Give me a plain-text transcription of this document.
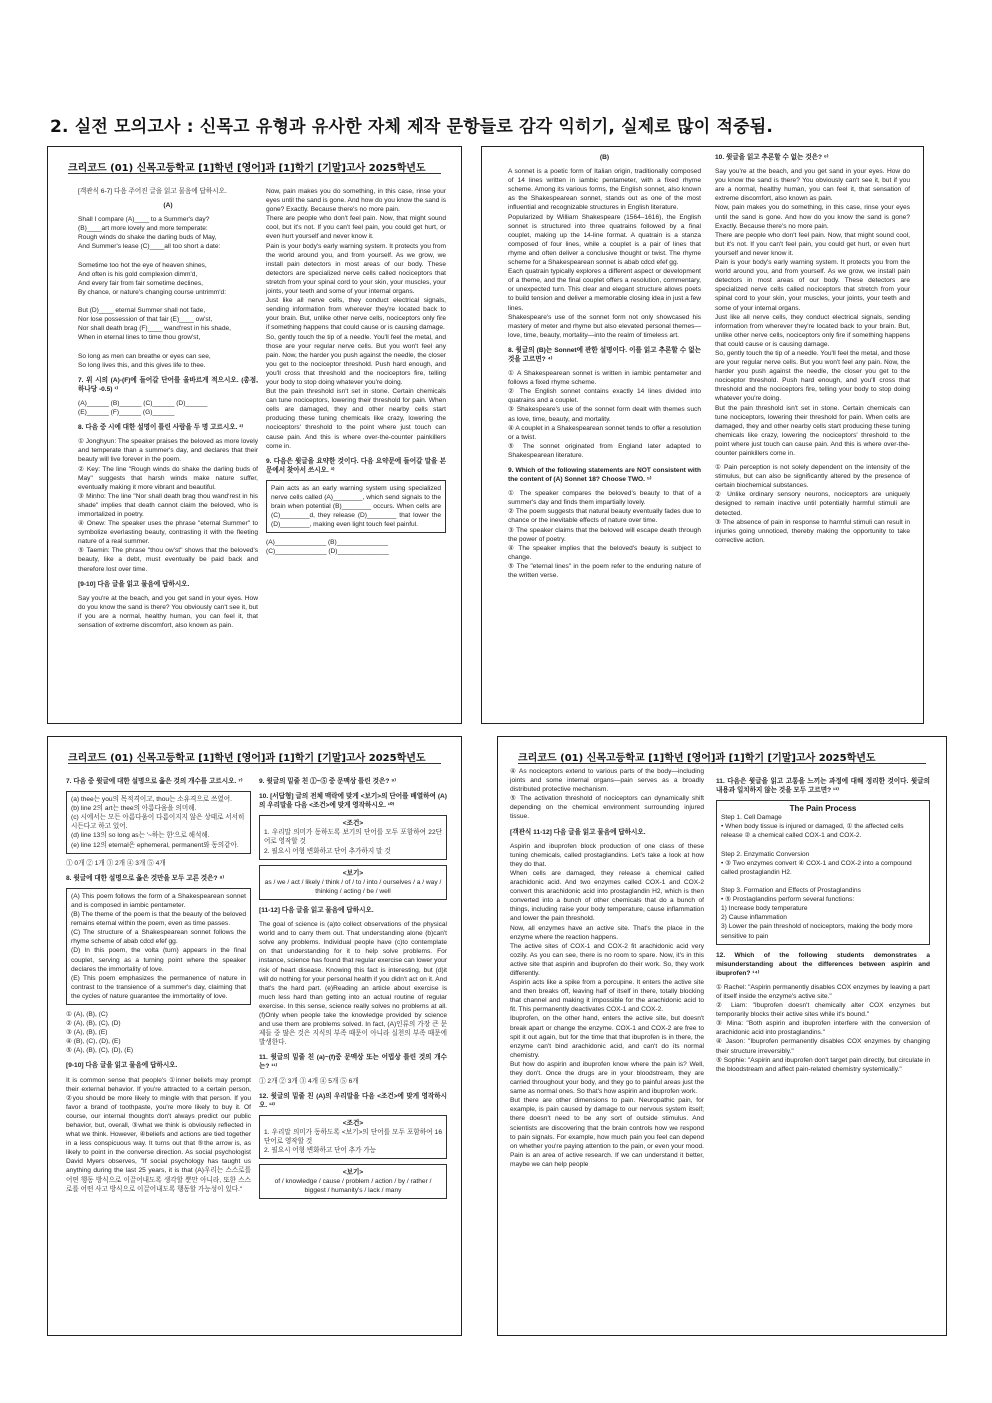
2. 실전 모의고사 : 신목고 유형과 유사한 자체 제작 문항들로 감각 익히기, 실제로 많이 적중됨.
크리코드 (01) 신목고등학교 [1]학년 [영어]과 [1]학기 [기말]고사 2025학년도

[객관식 6-7] 다음 주어진 글을 읽고 물음에 답하시오.

(A)

Shall I compare (A)____ to a Summer's day?
(B)____art more lovely and more temperate:
Rough winds do shake the darling buds of May,
And Summer's lease (C)____all too short a date:

Sometime too hot the eye of heaven shines,
And often is his gold complexion dimm'd,
And every fair from fair sometime declines,
By chance, or nature's changing course untrimm'd:

But (D)____ eternal Summer shall not fade,
Nor lose possession of that fair (E)____ ow'st,
Nor shall death brag (F)____ wand'rest in his shade,
When in eternal lines to time thou grow'st,

So long as men can breathe or eyes can see,
So long lives this, and this gives life to thee.

7. 위 시의 (A)-(F)에 들어갈 단어를 올바르게 적으시오. (총점, 하나당 -0.5) ¹⁾

(A)______ (B)______ (C)______ (D)______
(E)______ (F)______ (G)______

8. 다음 중 시에 대한 설명이 틀린 사람을 두 명 고르시오. ²⁾

① Jonghyun: The speaker praises the beloved as more lovely and temperate than a summer's day, and declares that their beauty will live forever in the poem.
② Key: The line "Rough winds do shake the darling buds of May" suggests that harsh winds make nature suffer, eventually making it more vibrant and beautiful.
③ Minho: The line "Nor shall death brag thou wand'rest in his shade" implies that death cannot claim the beloved, who is immortalized in poetry.
④ Onew: The speaker uses the phrase "eternal Summer" to symbolize everlasting beauty, contrasting it with the fleeting nature of a real summer.
⑤ Taemin: The phrase "thou ow'st" shows that the beloved's beauty, like a debt, must eventually be paid back and therefore lost over time.

[9-10] 다음 글을 읽고 물음에 답하시오.

Say you're at the beach, and you get sand in your eyes. How do you know the sand is there? You obviously can't see it, but if you are a normal, healthy human, you can feel it, that sensation of extreme discomfort, also known as pain.

Now, pain makes you do something, in this case, rinse your eyes until the sand is gone. And how do you know the sand is gone? Exactly. Because there's no more pain.
There are people who don't feel pain. Now, that might sound cool, but it's not. If you can't feel pain, you could get hurt, or even hurt yourself and never know it.
Pain is your body's early warning system. It protects you from the world around you, and from yourself. As we grow, we install pain detectors in most areas of our body. These detectors are specialized nerve cells called nociceptors that stretch from your spinal cord to your skin, your muscles, your joints, your teeth and some of your internal organs.
Just like all nerve cells, they conduct electrical signals, sending information from wherever they're located back to your brain. But, unlike other nerve cells, nociceptors only fire if something happens that could cause or is causing damage.
So, gently touch the tip of a needle. You'll feel the metal, and those are your regular nerve cells. But you won't feel any pain. Now, the harder you push against the needle, the closer you get to the nociceptor threshold. Push hard enough, and you'll cross that threshold and the nociceptors fire, telling your body to stop doing whatever you're doing.
But the pain threshold isn't set in stone. Certain chemicals can tune nociceptors, lowering their threshold for pain. When cells are damaged, they and other nearby cells start producing these tuning chemicals like crazy, lowering the nociceptors' threshold to the point where just touch can cause pain. And this is where over-the-counter painkillers come in.

9. 다음은 윗글을 요약한 것이다. 다음 요약문에 들어갈 말을 본문에서 찾아서 쓰시오. ³⁾

Pain acts as an early warning system using specialized nerve cells called (A)________, which send signals to the brain when potential (B)________ occurs. When cells are (C)________d, they release (D)________ that lower the (D)________, making even light touch feel painful.

(A)______________ (B)______________
(C)______________ (D)______________

(B)

A sonnet is a poetic form of Italian origin, traditionally composed of 14 lines written in iambic pentameter, with a fixed rhyme scheme. Among its various forms, the English sonnet, also known as the Shakespearean sonnet, stands out as one of the most influential and recognizable structures in English literature.
Popularized by William Shakespeare (1564–1616), the English sonnet is structured into three quatrains followed by a final couplet, making up the 14-line format. A quatrain is a stanza composed of four lines, while a couplet is a pair of lines that rhyme and often deliver a conclusive thought or twist. The rhyme scheme for a Shakespearean sonnet is abab cdcd efef gg.
Each quatrain typically explores a different aspect or development of a theme, and the final couplet offers a resolution, commentary, or unexpected turn. This clear and elegant structure allows poets to build tension and deliver a memorable closing idea in just a few lines.
Shakespeare's use of the sonnet form not only showcased his mastery of meter and rhyme but also elevated personal themes—love, time, beauty, mortality—into the realm of timeless art.

8. 윗글의 (B)는 Sonnet에 관한 설명이다. 이를 읽고 추론할 수 없는 것을 고르면? ⁴⁾

① A Shakespearean sonnet is written in iambic pentameter and follows a fixed rhyme scheme.
② The English sonnet contains exactly 14 lines divided into quatrains and a couplet.
③ Shakespeare's use of the sonnet form dealt with themes such as love, time, beauty, and mortality.
④ A couplet in a Shakespearean sonnet tends to offer a resolution or a twist.
⑤ The sonnet originated from England later adapted to Shakespearean literature.

9. Which of the following statements are NOT consistent with the content of (A) Sonnet 18? Choose TWO. ⁵⁾

① The speaker compares the beloved's beauty to that of a summer's day and finds them impartially lovely.
② The poem suggests that natural beauty eventually fades due to chance or the inevitable effects of nature over time.
③ The speaker claims that the beloved will escape death through the power of poetry.
④ The speaker implies that the beloved's beauty is subject to change.
⑤ The "eternal lines" in the poem refer to the enduring nature of the written verse.

10. 윗글을 읽고 추론할 수 없는 것은? ⁶⁾

Say you're at the beach, and you get sand in your eyes. How do you know the sand is there? You obviously can't see it, but if you are a normal, healthy human, you can feel it, that sensation of extreme discomfort, also known as pain.
Now, pain makes you do something, in this case, rinse your eyes until the sand is gone. And how do you know the sand is gone? Exactly. Because there's no more pain.
There are people who don't feel pain. Now, that might sound cool, but it's not. If you can't feel pain, you could get hurt, or even hurt yourself and never know it.
Pain is your body's early warning system. It protects you from the world around you, and from yourself. As we grow, we install pain detectors in most areas of our body. These detectors are specialized nerve cells called nociceptors that stretch from your spinal cord to your skin, your muscles, your joints, your teeth and some of your internal organs.
Just like all nerve cells, they conduct electrical signals, sending information from wherever they're located back to your brain. But, unlike other nerve cells, nociceptors only fire if something happens that could cause or is causing damage.
So, gently touch the tip of a needle. You'll feel the metal, and those are your regular nerve cells. But you won't feel any pain. Now, the harder you push against the needle, the closer you get to the nociceptor threshold. Push hard enough, and you'll cross that threshold and the nociceptors fire, telling your body to stop doing whatever you're doing.
But the pain threshold isn't set in stone. Certain chemicals can tune nociceptors, lowering their threshold for pain. When cells are damaged, they and other nearby cells start producing these tuning chemicals like crazy, lowering the nociceptors' threshold to the point where just touch can cause pain. And this is where over-the-counter painkillers come in.

① Pain perception is not solely dependent on the intensity of the stimulus, but can also be significantly altered by the presence of certain biochemical substances.
② Unlike ordinary sensory neurons, nociceptors are uniquely designed to remain inactive until potentially harmful stimuli are detected.
③ The absence of pain in response to harmful stimuli can result in injuries going unnoticed, thereby making the opportunity to take corrective action.

크리코드 (01) 신목고등학교 [1]학년 [영어]과 [1]학기 [기말]고사 2025학년도

7. 다음 중 윗글에 대한 설명으로 옳은 것의 개수를 고르시오. ⁷⁾

(a) thee는 you의 목적격이고, thou는 소유격으로 쓰였어.
(b) line 2의 art는 thee의 아름다움을 의미해.
(c) 시에서는 모든 아름다움이 다름이지지 않은 상태로 서서히 시든다고 하고 있어.
(d) line 13의 so long as는 '~하는 한'으로 해석해.
(e) line 12의 eternal은 ephemeral, permanent와 동의같아.

① 0개 ② 1개 ③ 2개 ④ 3개 ⑤ 4개

8. 윗글에 대한 설명으로 옳은 것만을 모두 고른 것은? ⁸⁾

(A) This poem follows the form of a Shakespearean sonnet and is composed in iambic pentameter.
(B) The theme of the poem is that the beauty of the beloved remains eternal within the poem, even as time passes.
(C) The structure of a Shakespearean sonnet follows the rhyme scheme of abab cdcd efef gg.
(D) In this poem, the volta (turn) appears in the final couplet, serving as a turning point where the speaker declares the immortality of love.
(E) This poem emphasizes the permanence of nature in contrast to the transience of a summer's day, claiming that the cycles of nature guarantee the immortality of love.

① (A), (B), (C)
② (A), (B), (C), (D)
③ (A), (B), (E)
④ (B), (C), (D), (E)
⑤ (A), (B), (C), (D), (E)

[9-10] 다음 글을 읽고 물음에 답하시오.

It is common sense that people's ①inner beliefs may prompt their external behavior. If you're attracted to a certain person, ②you should be more likely to mingle with that person. If you favor a brand of toothpaste, you're more likely to buy it. Of course, our internal thoughts don't always predict our public behavior, but, overall, ③what we think is obviously reflected in what we think. However, ④beliefs and actions are tied together in a less conspicuous way. It turns out that ⑤the arrow is, as likely to point in the converse direction. As social psychologist David Myers observes, "If social psychology has taught us anything during the last 25 years, it is that (A)우리는 스스로를 어떤 행동 방식으로 이끌어내도록 생각할 뿐만 아니라, 또한 스스로를 어떤 사고 방식으로 이끌어내도록 행동할 가능성이 있다."

9. 윗글의 밑줄 친 ①~⑤ 중 문맥상 틀린 것은? ⁹⁾

10. [서답형] 글의 전체 맥락에 맞게 <보기>의 단어를 배열하여 (A)의 우리말을 다음 <조건>에 맞게 영작하시오. ¹⁰⁾

<조건>
1. 우리말 의미가 동하도록 보기의 단어를 모두 포함하여 22단어로 영작할 것
2. 필요시 어형 변화하고 단어 추가하지 말 것
<보기>
as / we / act / likely / think / of / to / into / ourselves / a / way / thinking / acting / be / well

[11-12] 다음 글을 읽고 물음에 답하시오.

The goal of science is (a)to collect observations of the physical world and to carry them out. That understanding alone (b)can't solve any problems. Individual people have (c)to contemplate on that understanding for it to help solve problems. For instance, science has found that regular exercise can lower your risk of heart disease. Knowing this fact is interesting, but (d)it will do nothing for your personal health if you didn't act on it. And that's the hard part. (e)Reading an article about exercise is much less hard than getting into an actual routine of regular exercise. In this sense, science really solves no problems at all. (f)Only when people take the knowledge provided by science and use them are problems solved. In fact, (A)인류의 가장 큰 문제들 중 많은 것은 지식의 부족 때문이 아니라 실천의 부족 때문에 발생한다.

11. 윗글의 밑줄 친 (a)~(f)중 문맥상 또는 어법상 틀린 것의 개수는? ¹¹⁾

① 2개 ② 3개 ③ 4개 ④ 5개 ⑤ 6개

12. 윗글의 밑줄 친 (A)의 우리말을 다음 <조건>에 맞게 영작하시오. ¹²⁾

<조건>
1. 우리말 의미가 동하도록 <보기>의 단어를 모두 포함하여 16단어로 영작할 것
2. 필요시 어형 변화하고 단어 추가 가능
<보기>
of / knowledge / cause / problem / action / by / rather / biggest / humanity's / lack / many
크리코드 (01) 신목고등학교 [1]학년 [영어]과 [1]학기 [기말]고사 2025학년도

④ As nociceptors extend to various parts of the body—including joints and some internal organs—pain serves as a broadly distributed protective mechanism.
⑤ The activation threshold of nociceptors can dynamically shift depending on the chemical environment surrounding injured tissue.

[객관식 11-12] 다음 글을 읽고 물음에 답하시오.

Aspirin and ibuprofen block production of one class of these tuning chemicals, called prostaglandins. Let's take a look at how they do that.
When cells are damaged, they release a chemical called arachidonic acid. And two enzymes called COX-1 and COX-2 convert this arachidonic acid into prostaglandin H2, which is then converted into a bunch of other chemicals that do a bunch of things, including raise your body temperature, cause inflammation and lower the pain threshold.
Now, all enzymes have an active site. That's the place in the enzyme where the reaction happens.
The active sites of COX-1 and COX-2 fit arachidonic acid very cozily. As you can see, there is no room to spare. Now, it's in this active site that aspirin and ibuprofen do their work. So, they work differently.
Aspirin acts like a spike from a porcupine. It enters the active site and then breaks off, leaving half of itself in there, totally blocking that channel and making it impossible for the arachidonic acid to fit. This permanently deactivates COX-1 and COX-2.
Ibuprofen, on the other hand, enters the active site, but doesn't break apart or change the enzyme. COX-1 and COX-2 are free to spit it out again, but for the time that that ibuprofen is in there, the enzyme can't bind arachidonic acid, and can't do its normal chemistry.
But how do aspirin and ibuprofen know where the pain is? Well, they don't. Once the drugs are in your bloodstream, they are carried throughout your body, and they go to painful areas just the same as normal ones. So that's how aspirin and ibuprofen work.
But there are other dimensions to pain. Neuropathic pain, for example, is pain caused by damage to our nervous system itself; there doesn't need to be any sort of outside stimulus. And scientists are discovering that the brain controls how we respond to pain signals. For example, how much pain you feel can depend on whether you're paying attention to the pain, or even your mood. Pain is an area of active research. If we can understand it better, maybe we can help people

11. 다음은 윗글을 읽고 고통을 느끼는 과정에 대해 정리한 것이다. 윗글의 내용과 일치하지 않는 것을 모두 고르면? ¹³⁾

The Pain Process
Step 1. Cell Damage
• When body tissue is injured or damaged, ① the affected cells release ② a chemical called COX-1 and COX-2.

Step 2. Enzymatic Conversion
• ③ Two enzymes convert ④ COX-1 and COX-2 into a compound called prostaglandin H2.

Step 3. Formation and Effects of Prostaglandins
• ⑤ Prostaglandins perform several functions:
1) Increase body temperature
2) Cause inflammation
3) Lower the pain threshold of nociceptors, making the body more sensitive to pain

12. Which of the following students demonstrates a misunderstanding about the differences between aspirin and ibuprofen? ¹⁴⁾

① Rachel: "Aspirin permanently disables COX enzymes by leaving a part of itself inside the enzyme's active site."
② Liam: "Ibuprofen doesn't chemically alter COX enzymes but temporarily blocks their active sites while it's bound."
③ Mina: "Both aspirin and ibuprofen interfere with the conversion of arachidonic acid into prostaglandins."
④ Jason: "Ibuprofen permanently disables COX enzymes by changing their structure irreversibly."
⑤ Sophie: "Aspirin and ibuprofen don't target pain directly, but circulate in the bloodstream and affect pain-related chemistry systemically."
